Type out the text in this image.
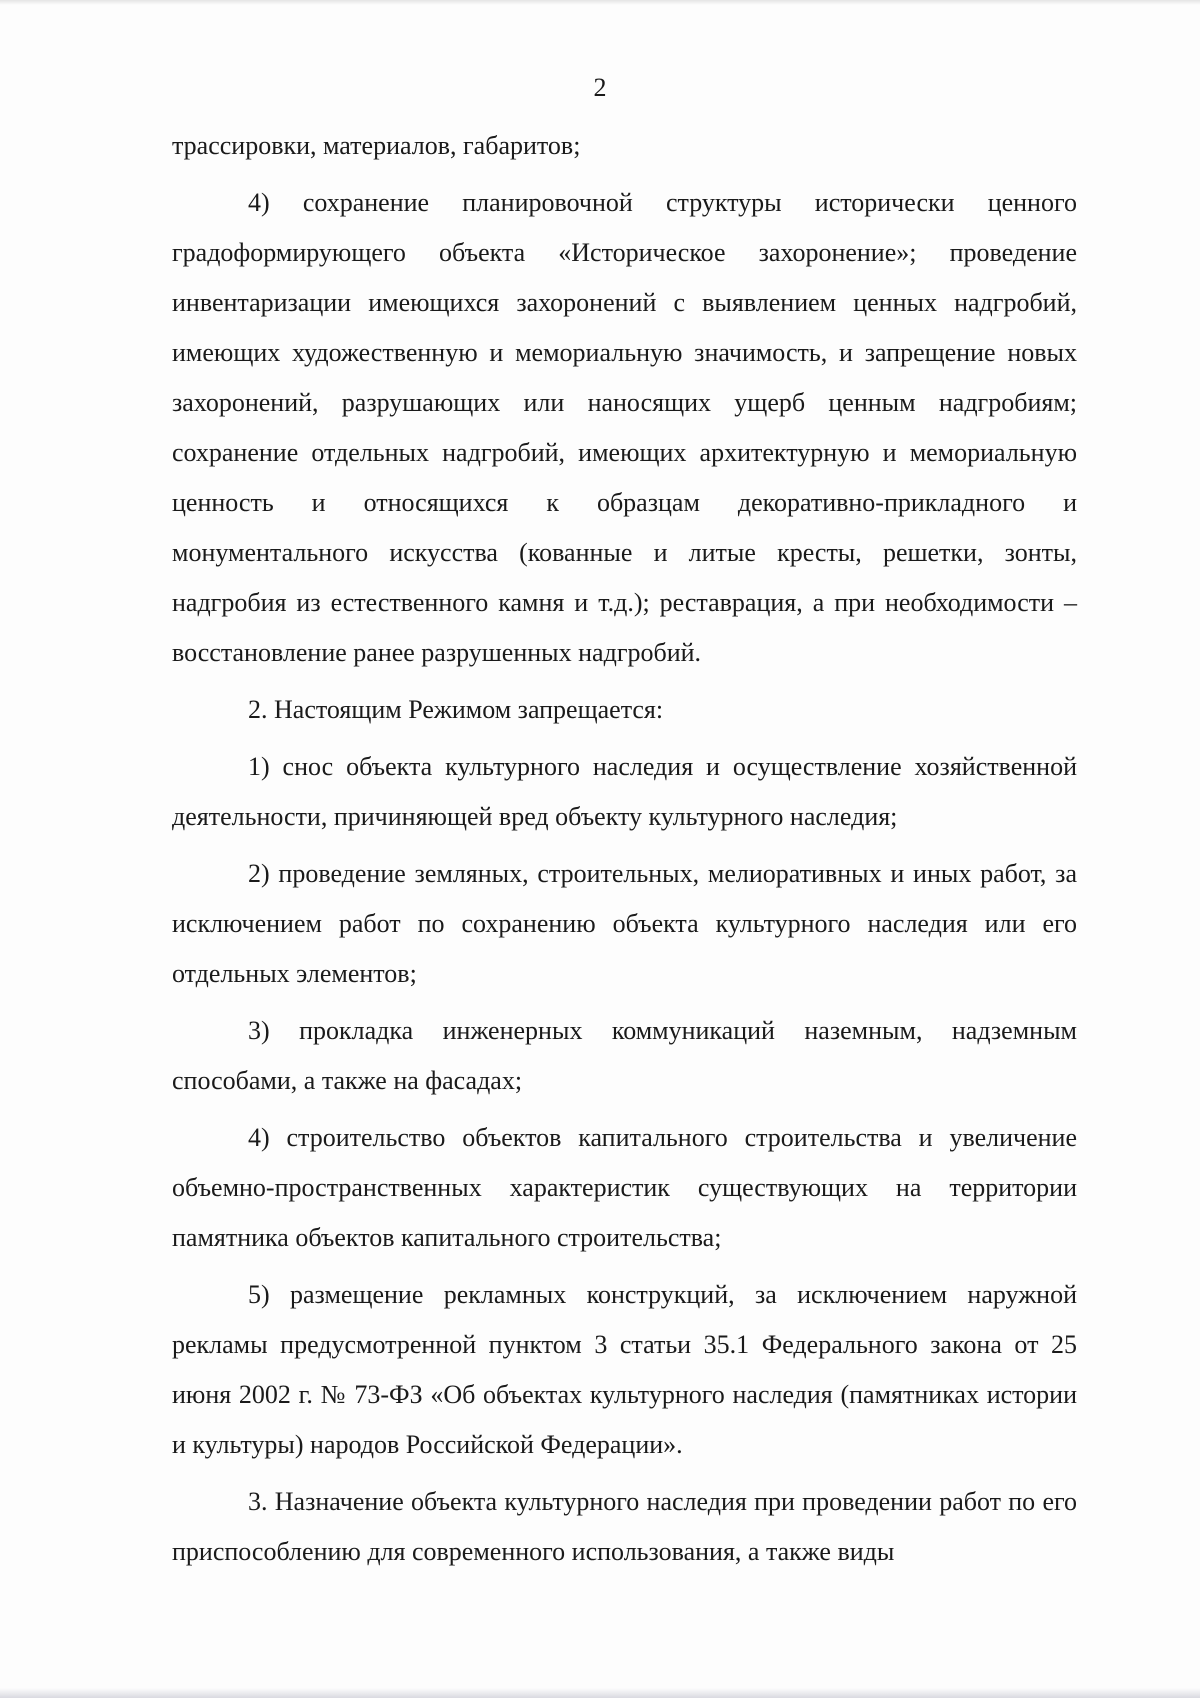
2

трассировки, материалов, габаритов;

4) сохранение планировочной структуры исторически ценного градоформирующего объекта «Историческое захоронение»; проведение инвентаризации имеющихся захоронений с выявлением ценных надгробий, имеющих художественную и мемориальную значимость, и запрещение новых захоронений, разрушающих или наносящих ущерб ценным надгробиям; сохранение отдельных надгробий, имеющих архитектурную и мемориальную ценность и относящихся к образцам декоративно-прикладного и монументального искусства (кованные и литые кресты, решетки, зонты, надгробия из естественного камня и т.д.); реставрация, а при необходимости – восстановление ранее разрушенных надгробий.

2. Настоящим Режимом запрещается:

1) снос объекта культурного наследия и осуществление хозяйственной деятельности, причиняющей вред объекту культурного наследия;

2) проведение земляных, строительных, мелиоративных и иных работ, за исключением работ по сохранению объекта культурного наследия или его отдельных элементов;

3) прокладка инженерных коммуникаций наземным, надземным способами, а также на фасадах;

4) строительство объектов капитального строительства и увеличение объемно-пространственных характеристик существующих на территории памятника объектов капитального строительства;

5) размещение рекламных конструкций, за исключением наружной рекламы предусмотренной пунктом 3 статьи 35.1 Федерального закона от 25 июня 2002 г. № 73-ФЗ «Об объектах культурного наследия (памятниках истории и культуры) народов Российской Федерации».

3. Назначение объекта культурного наследия при проведении работ по его приспособлению для современного использования, а также виды
